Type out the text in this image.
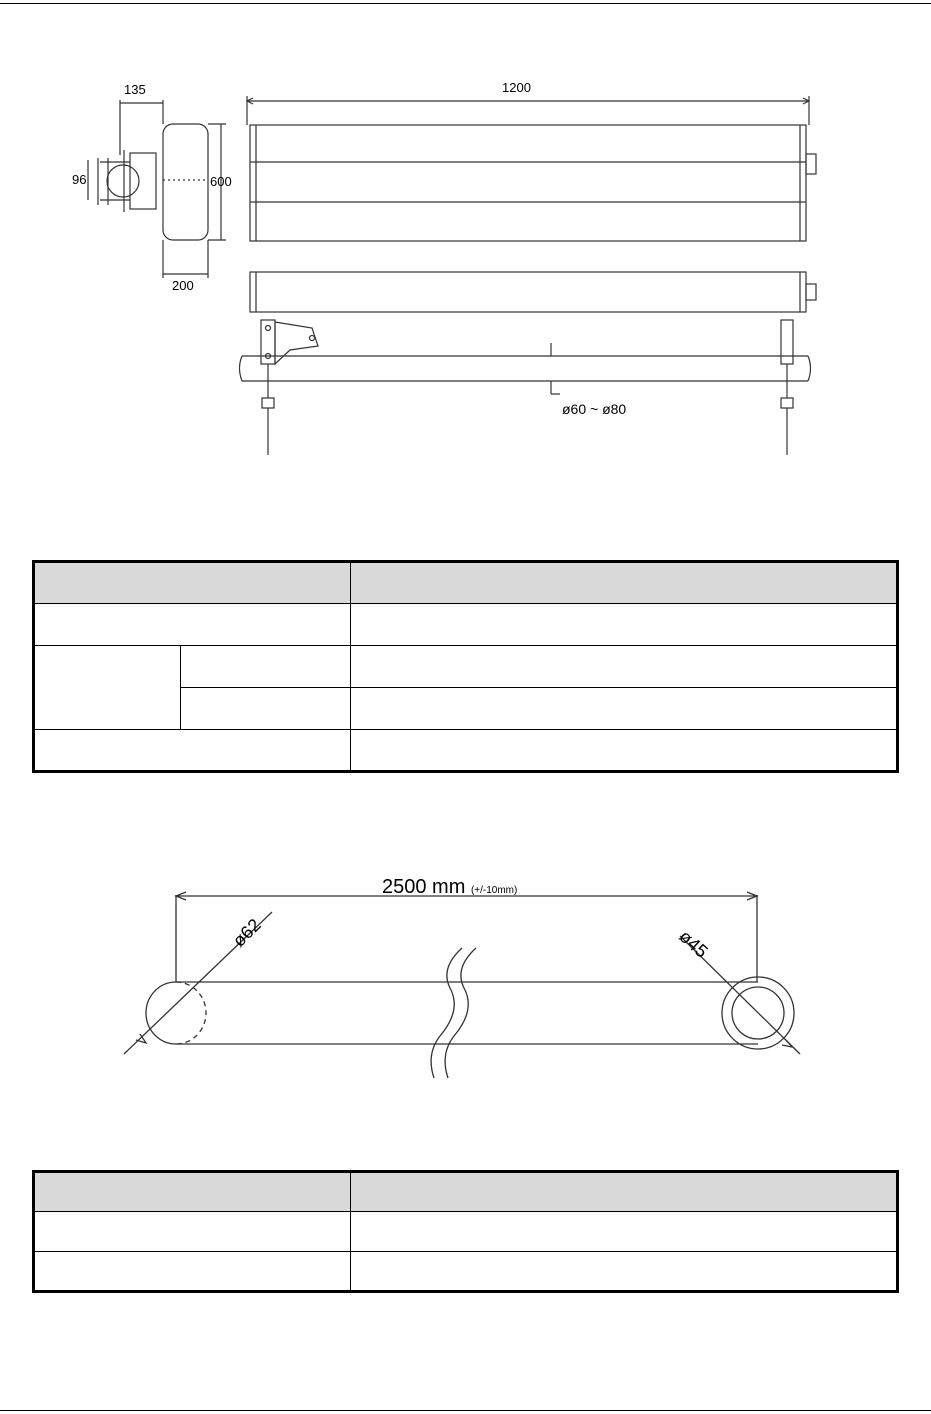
135
96	600
200
1200
ø60 ~ ø80

2500 mm (+/-10mm)
ø62	ø45
